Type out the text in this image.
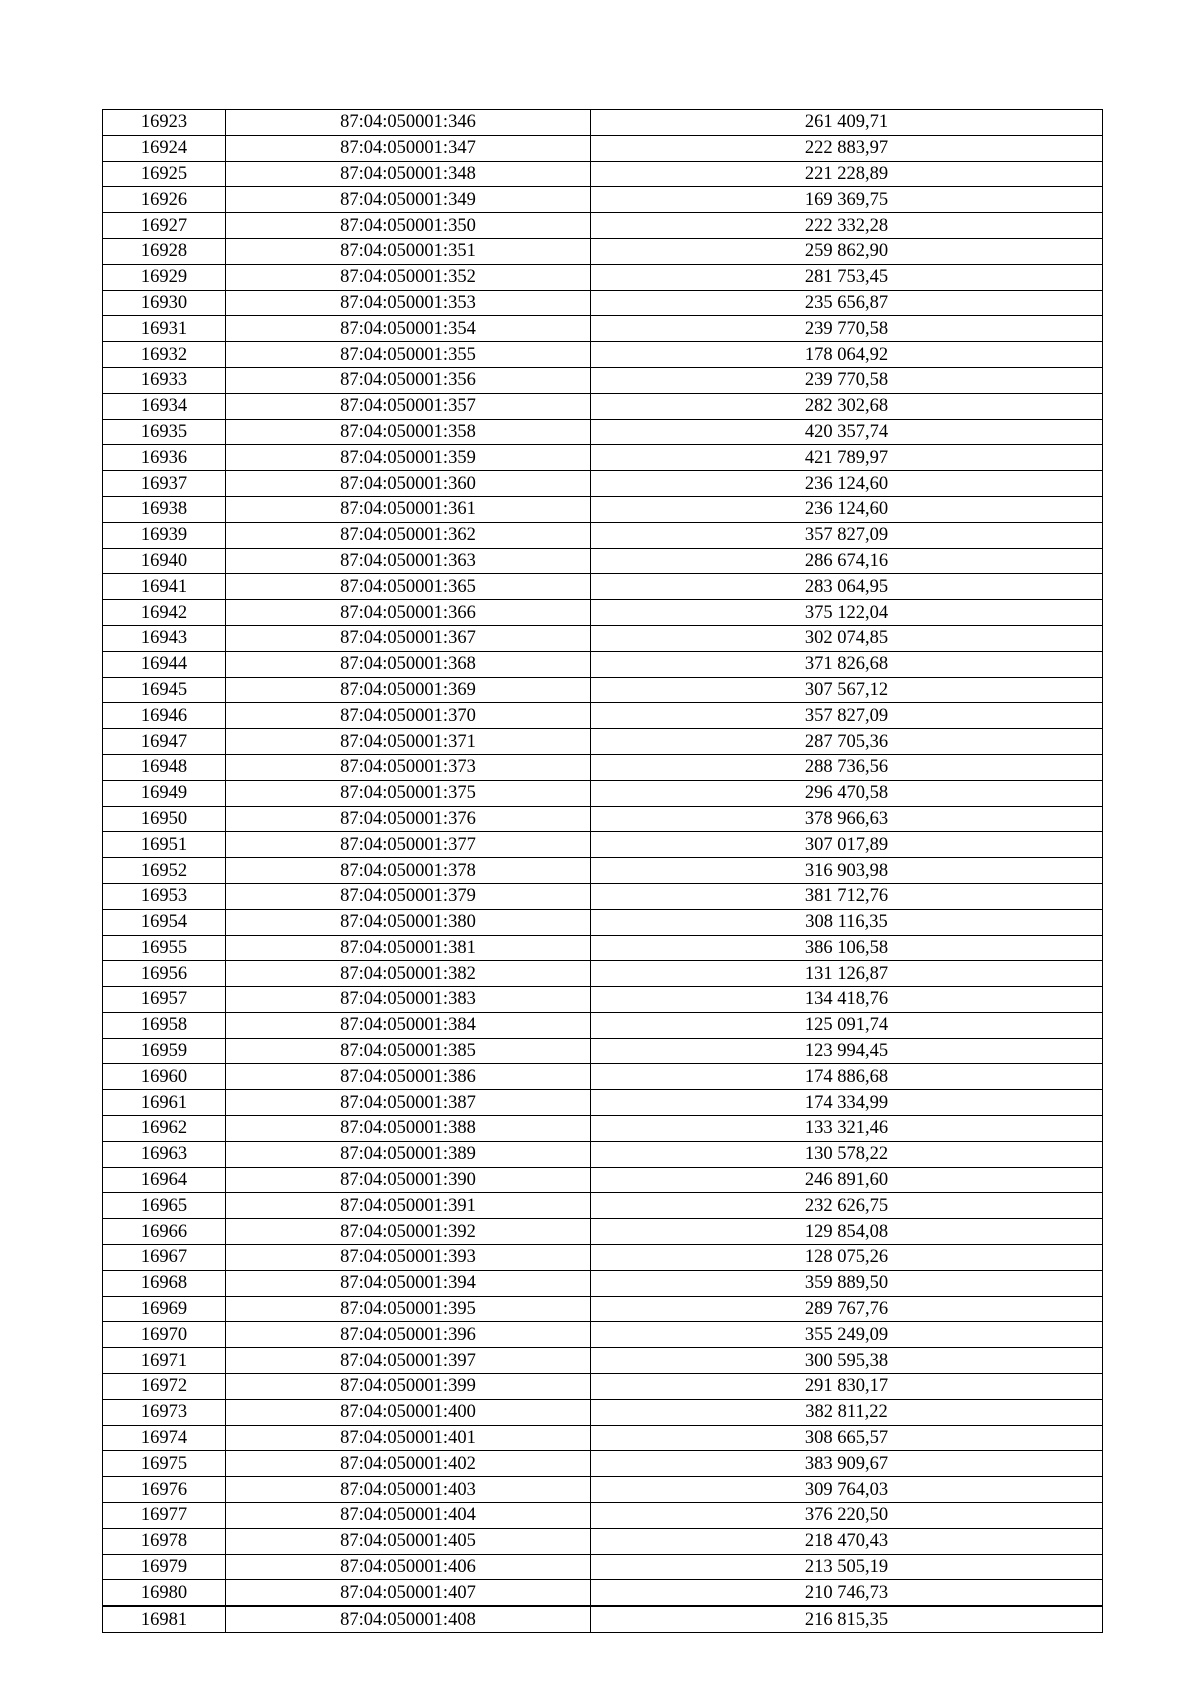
16923	87:04:050001:346	261 409,71
16924	87:04:050001:347	222 883,97
16925	87:04:050001:348	221 228,89
16926	87:04:050001:349	169 369,75
16927	87:04:050001:350	222 332,28
16928	87:04:050001:351	259 862,90
16929	87:04:050001:352	281 753,45
16930	87:04:050001:353	235 656,87
16931	87:04:050001:354	239 770,58
16932	87:04:050001:355	178 064,92
16933	87:04:050001:356	239 770,58
16934	87:04:050001:357	282 302,68
16935	87:04:050001:358	420 357,74
16936	87:04:050001:359	421 789,97
16937	87:04:050001:360	236 124,60
16938	87:04:050001:361	236 124,60
16939	87:04:050001:362	357 827,09
16940	87:04:050001:363	286 674,16
16941	87:04:050001:365	283 064,95
16942	87:04:050001:366	375 122,04
16943	87:04:050001:367	302 074,85
16944	87:04:050001:368	371 826,68
16945	87:04:050001:369	307 567,12
16946	87:04:050001:370	357 827,09
16947	87:04:050001:371	287 705,36
16948	87:04:050001:373	288 736,56
16949	87:04:050001:375	296 470,58
16950	87:04:050001:376	378 966,63
16951	87:04:050001:377	307 017,89
16952	87:04:050001:378	316 903,98
16953	87:04:050001:379	381 712,76
16954	87:04:050001:380	308 116,35
16955	87:04:050001:381	386 106,58
16956	87:04:050001:382	131 126,87
16957	87:04:050001:383	134 418,76
16958	87:04:050001:384	125 091,74
16959	87:04:050001:385	123 994,45
16960	87:04:050001:386	174 886,68
16961	87:04:050001:387	174 334,99
16962	87:04:050001:388	133 321,46
16963	87:04:050001:389	130 578,22
16964	87:04:050001:390	246 891,60
16965	87:04:050001:391	232 626,75
16966	87:04:050001:392	129 854,08
16967	87:04:050001:393	128 075,26
16968	87:04:050001:394	359 889,50
16969	87:04:050001:395	289 767,76
16970	87:04:050001:396	355 249,09
16971	87:04:050001:397	300 595,38
16972	87:04:050001:399	291 830,17
16973	87:04:050001:400	382 811,22
16974	87:04:050001:401	308 665,57
16975	87:04:050001:402	383 909,67
16976	87:04:050001:403	309 764,03
16977	87:04:050001:404	376 220,50
16978	87:04:050001:405	218 470,43
16979	87:04:050001:406	213 505,19
16980	87:04:050001:407	210 746,73
16981	87:04:050001:408	216 815,35
